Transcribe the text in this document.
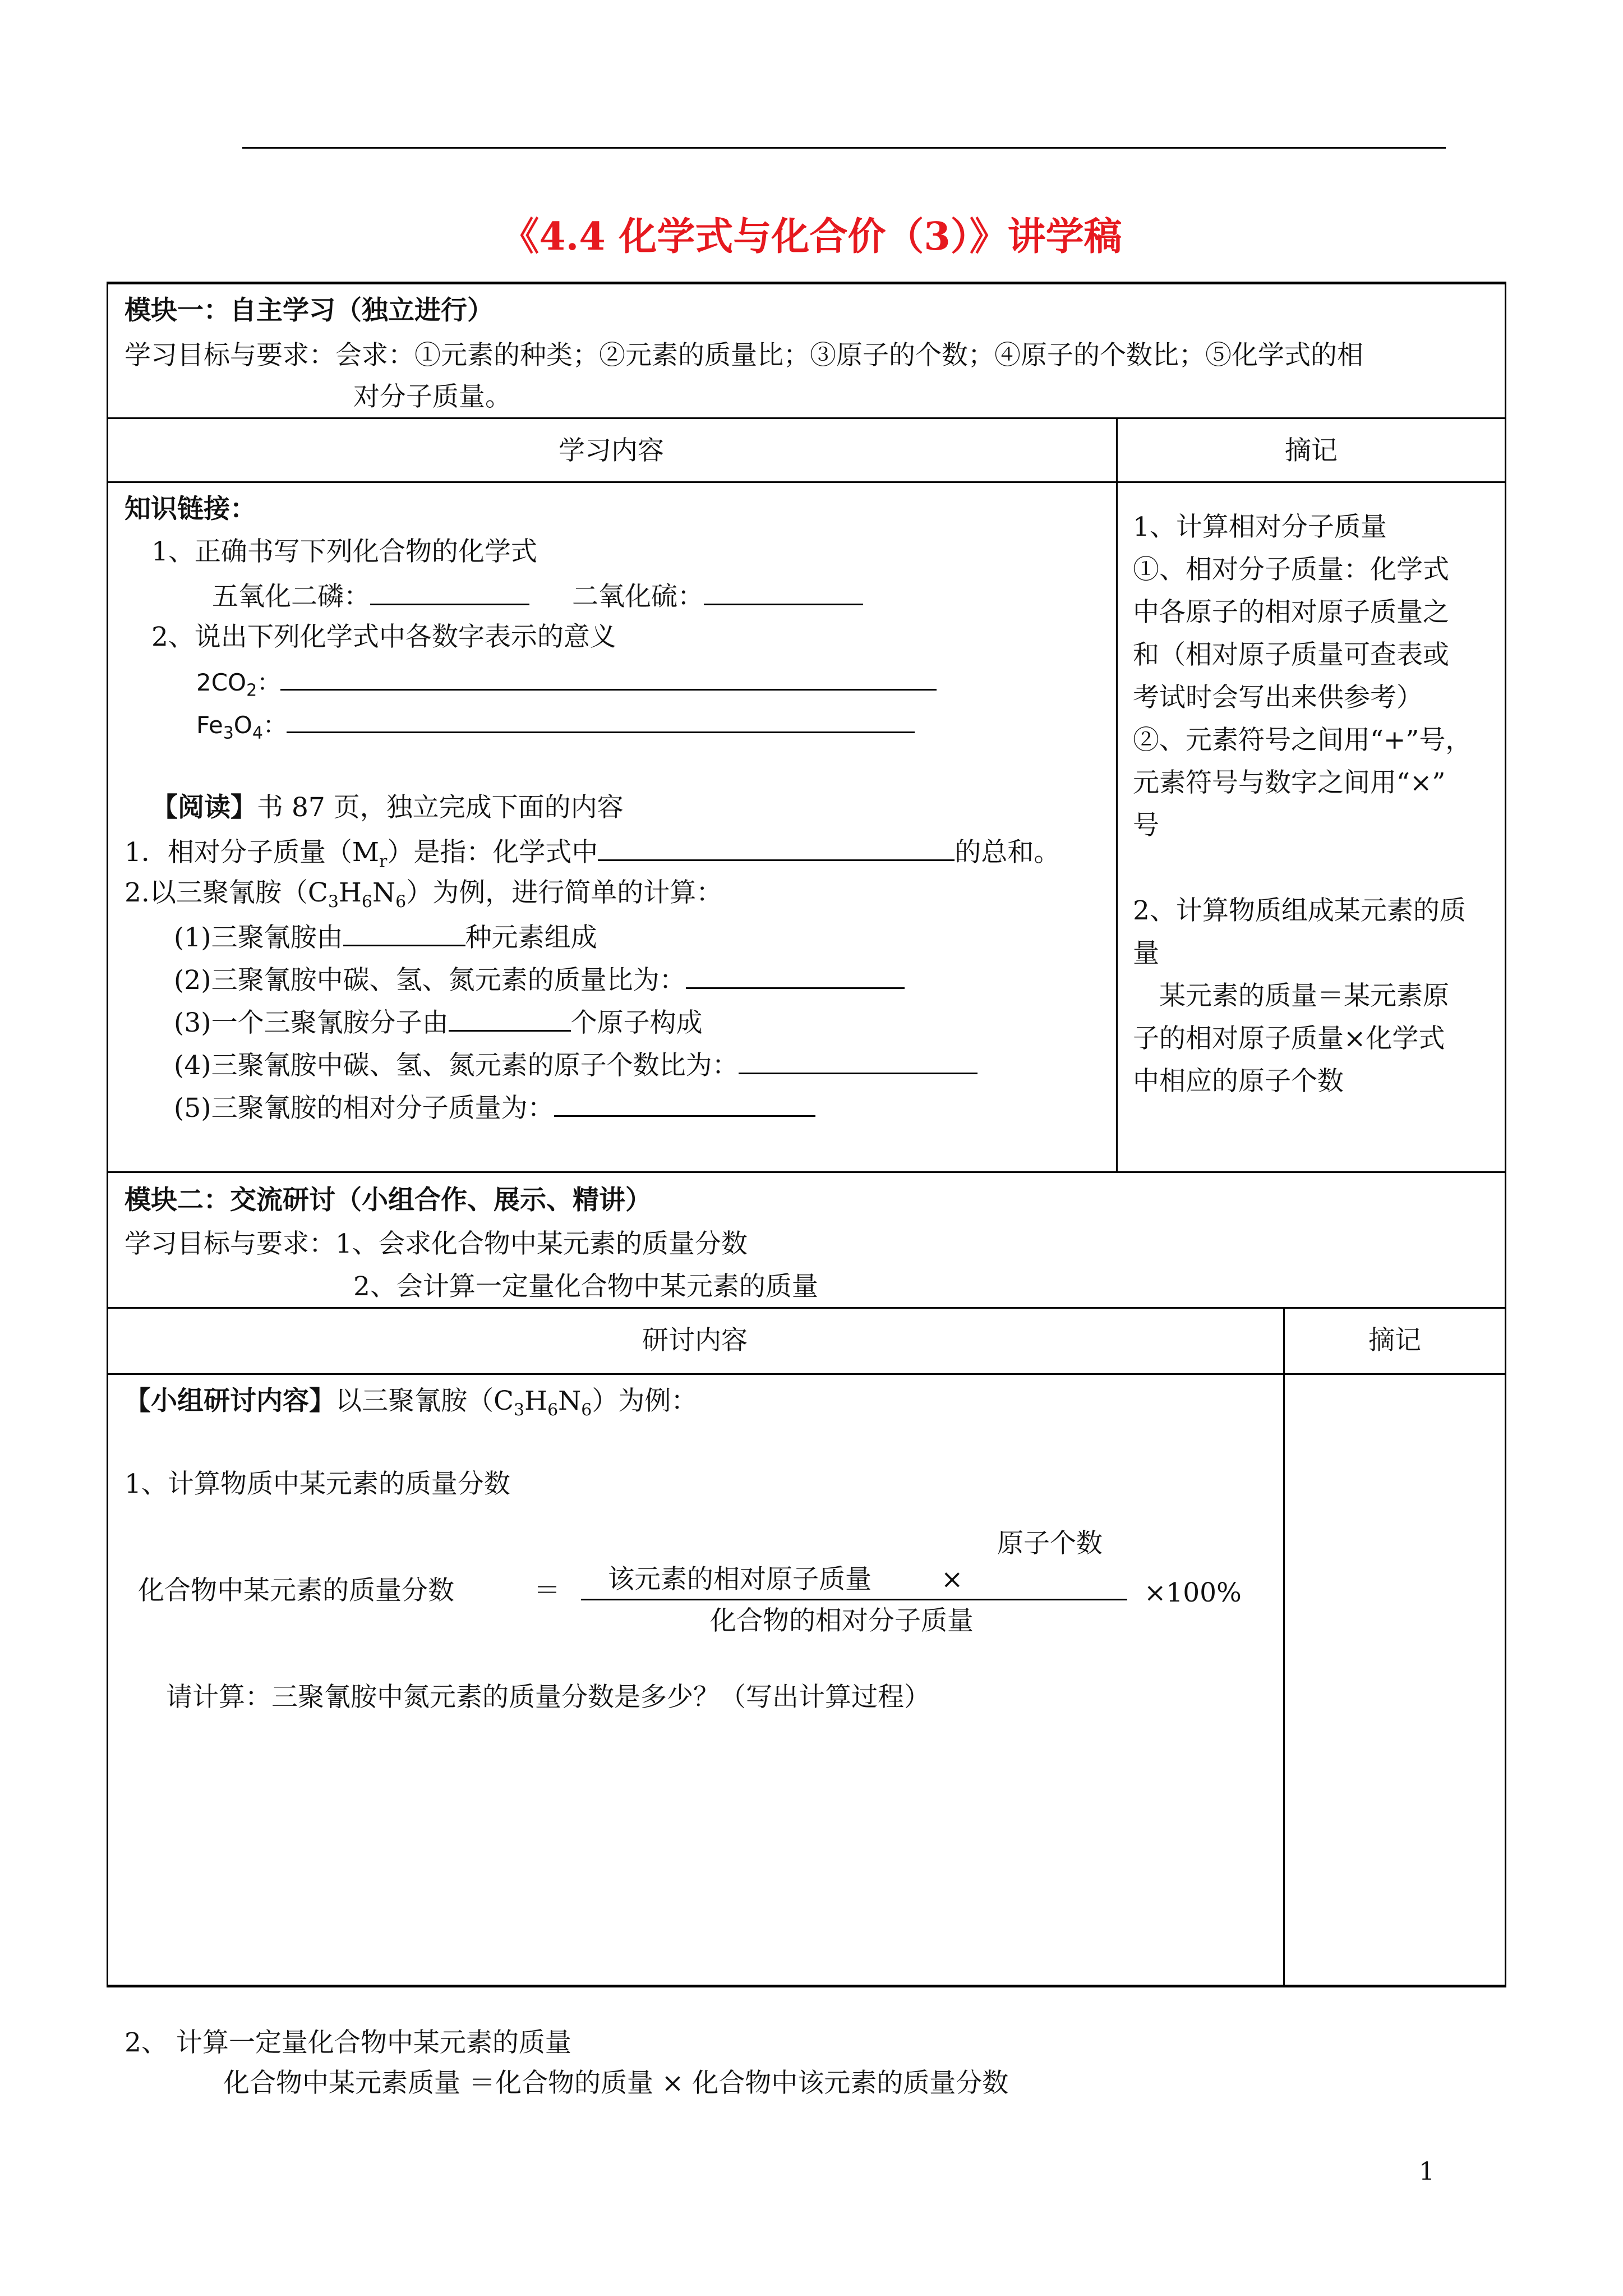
《4.4 化学式与化合价（3）》讲学稿
模块一：自主学习（独立进行）
学习目标与要求：会求：①元素的种类；②元素的质量比；③原子的个数；④原子的个数比；⑤化学式的相
对分子质量。
学习内容	摘记
知识链接：
1、正确书写下列化合物的化学式
五氧化二磷：	二氧化硫：
2、说出下列化学式中各数字表示的意义
$2CO_2$：
$Fe_3O_4$：
【阅读】书 87 页，独立完成下面的内容
1．相对分子质量$(M_r)$是指：化学式中	的总和。
2.以三聚氰胺$(C_3H_6N_6)$为例，进行简单的计算：
(1)三聚氰胺由	种元素组成
(2)三聚氰胺中碳、氢、氮元素的质量比为：
(3)一个三聚氰胺分子由	个原子构成
(4)三聚氰胺中碳、氢、氮元素的原子个数比为：
(5)三聚氰胺的相对分子质量为：
1、计算相对分子质量
①、相对分子质量：化学式
中各原子的相对原子质量之
和（相对原子质量可查表或
考试时会写出来供参考）
②、元素符号之间用“+”号，
元素符号与数字之间用“×”
号
2、计算物质组成某元素的质
量
　某元素的质量＝某元素原
子的相对原子质量×化学式
中相应的原子个数
模块二：交流研讨（小组合作、展示、精讲）
学习目标与要求：1、会求化合物中某元素的质量分数
2、会计算一定量化合物中某元素的质量
研讨内容	摘记
【小组研讨内容】以三聚氰胺$(C_3H_6N_6)$为例：
1、计算物质中某元素的质量分数
原子个数
化合物中某元素的质量分数	＝ 该元素的相对原子质量	×
化合物的相对分子质量
×100%
请计算：三聚氰胺中氮元素的质量分数是多少？（写出计算过程）
2、 计算一定量化合物中某元素的质量
化合物中某元素质量 ＝化合物的质量 × 化合物中该元素的质量分数
1
